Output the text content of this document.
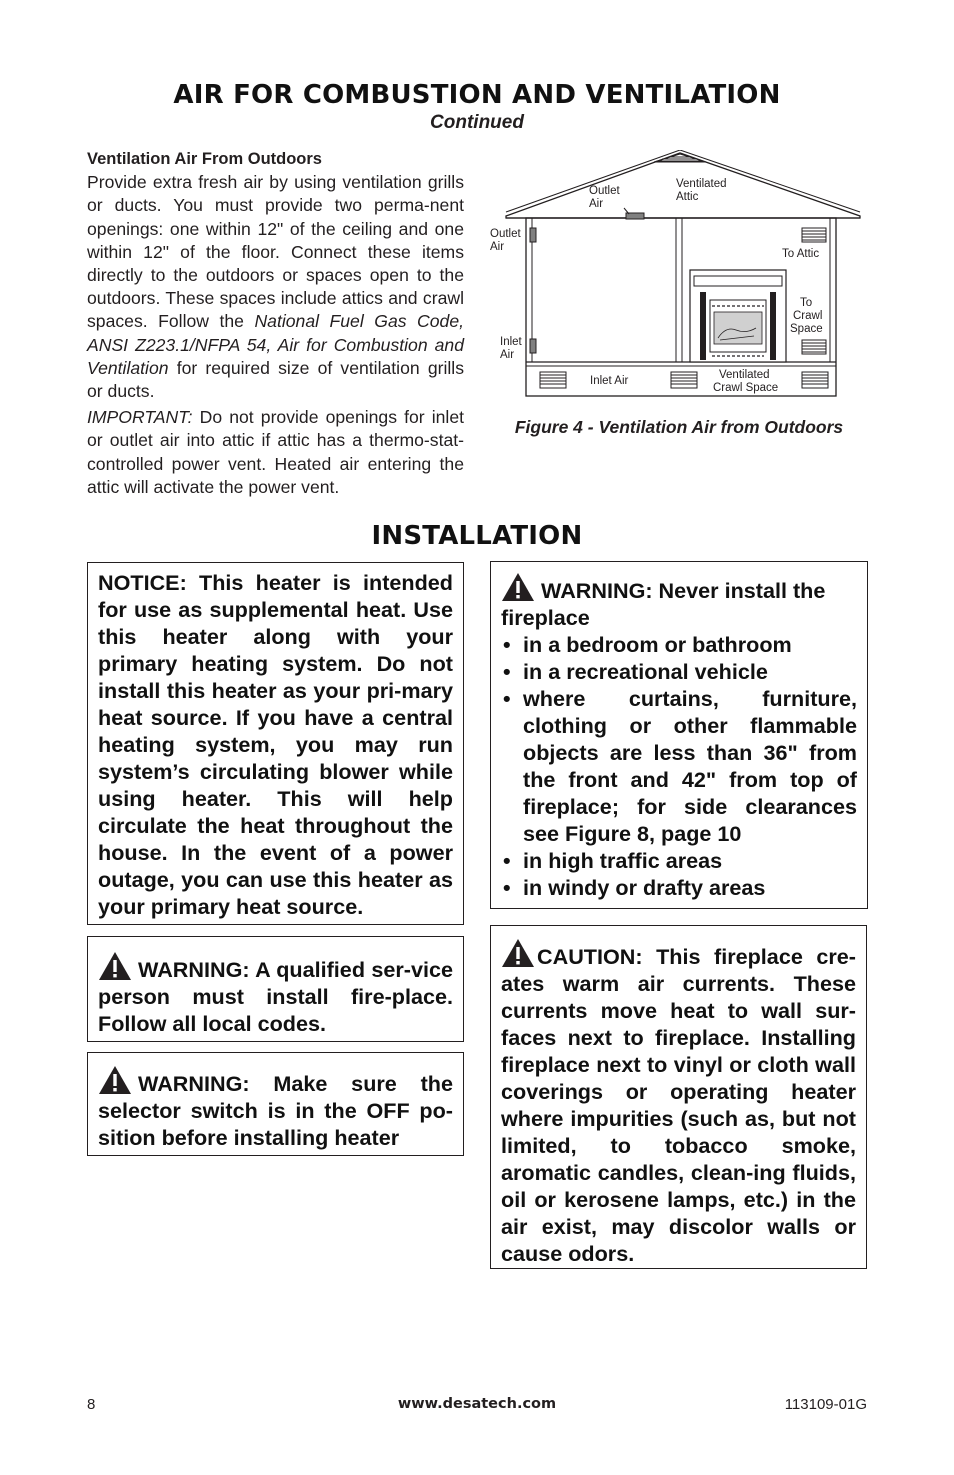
AIR FOR COMBUSTION AND VENTILATION
Continued

Ventilation Air From Outdoors

Provide extra fresh air by using ventilation grills or ducts. You must provide two perma-nent openings: one within 12" of the ceiling and one within 12" of the floor. Connect these items directly to the outdoors or spaces open to the outdoors. These spaces include attics and crawl spaces. Follow the National Fuel Gas Code, ANSI Z223.1/NFPA 54, Air for Combustion and Ventilation for required size of ventilation grills or ducts.

IMPORTANT: Do not provide openings for inlet or outlet air into attic if attic has a thermo-stat-controlled power vent. Heated air entering the attic will activate the power vent.

Outlet
Air
Ventilated
Attic
Outlet
Air
To Attic
To
Crawl
Space
Inlet
Air
Inlet Air	Ventilated
Crawl Space
Figure 4 - Ventilation Air from Outdoors
INSTALLATION

NOTICE: This heater is intended for use as supplemental heat. Use this heater along with your primary heating system. Do not install this heater as your pri-mary heat source. If you have a central heating system, you may run system’s circulating blower while using heater. This will help circulate the heat throughout the house. In the event of a power outage, you can use this heater as your primary heat source.

WARNING: A qualified ser-vice person must install fire-place. Follow all local codes.

WARNING: Make sure the selector switch is in the OFF po-sition before installing heater

WARNING: Never install the fireplace

• in a bedroom or bathroom
• in a recreational vehicle
• where curtains, furniture, clothing or other flammable objects are less than 36" from the front and 42" from top of fireplace; for side clearances see Figure 8, page 10
• in high traffic areas
• in windy or drafty areas

CAUTION: This fireplace cre-ates warm air currents. These currents move heat to wall sur-faces next to fireplace. Installing fireplace next to vinyl or cloth wall coverings or operating heater where impurities (such as, but not limited, to tobacco smoke, aromatic candles, clean-ing fluids, oil or kerosene lamps, etc.) in the air exist, may discolor walls or cause odors.

8	www.desatech.com	113109-01G
